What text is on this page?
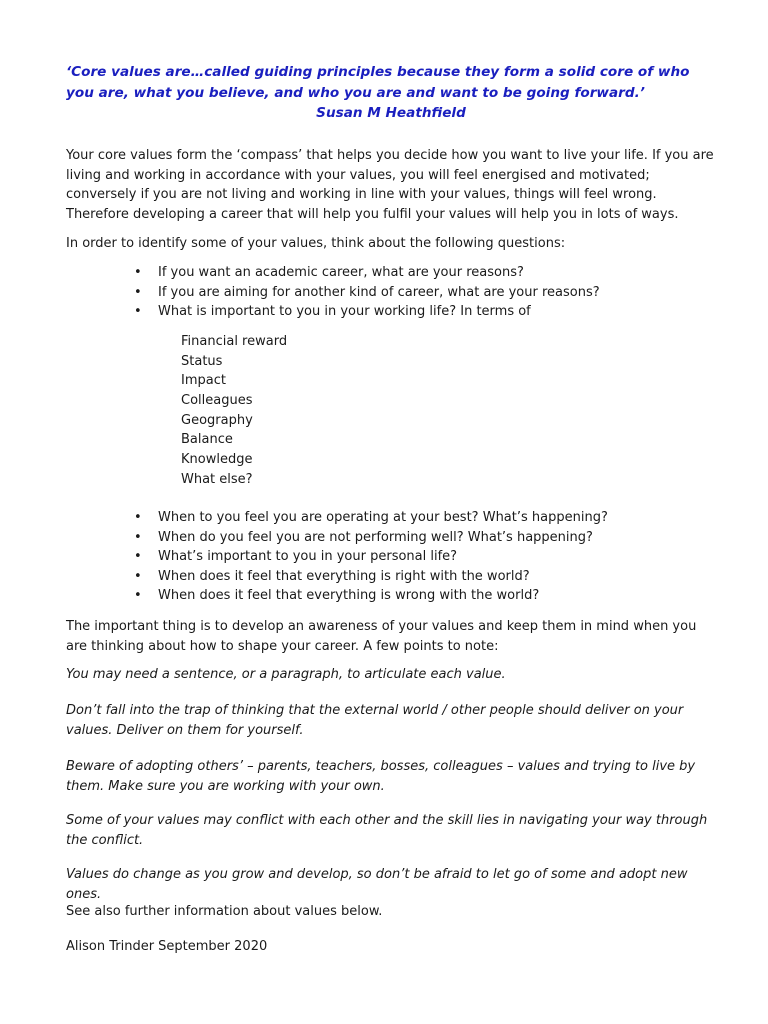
‘Core values are…called guiding principles because they form a solid core of who you are, what you believe, and who you are and want to be going forward.’
Susan M Heathfield

Your core values form the ‘compass’ that helps you decide how you want to live your life. If you are living and working in accordance with your values, you will feel energised and motivated; conversely if you are not living and working in line with your values, things will feel wrong. Therefore developing a career that will help you fulfil your values will help you in lots of ways.

In order to identify some of your values, think about the following questions:

• If you want an academic career, what are your reasons?
• If you are aiming for another kind of career, what are your reasons?
• What is important to you in your working life? In terms of
Financial reward
Status
Impact
Colleagues
Geography
Balance
Knowledge
What else?
• When to you feel you are operating at your best? What’s happening?
• When do you feel you are not performing well? What’s happening?
• What’s important to you in your personal life?
• When does it feel that everything is right with the world?
• When does it feel that everything is wrong with the world?

The important thing is to develop an awareness of your values and keep them in mind when you are thinking about how to shape your career. A few points to note:

You may need a sentence, or a paragraph, to articulate each value.

Don’t fall into the trap of thinking that the external world / other people should deliver on your values. Deliver on them for yourself.

Beware of adopting others’ – parents, teachers, bosses, colleagues – values and trying to live by them. Make sure you are working with your own.

Some of your values may conflict with each other and the skill lies in navigating your way through the conflict.

Values do change as you grow and develop, so don’t be afraid to let go of some and adopt new ones.

See also further information about values below.

Alison Trinder September 2020
